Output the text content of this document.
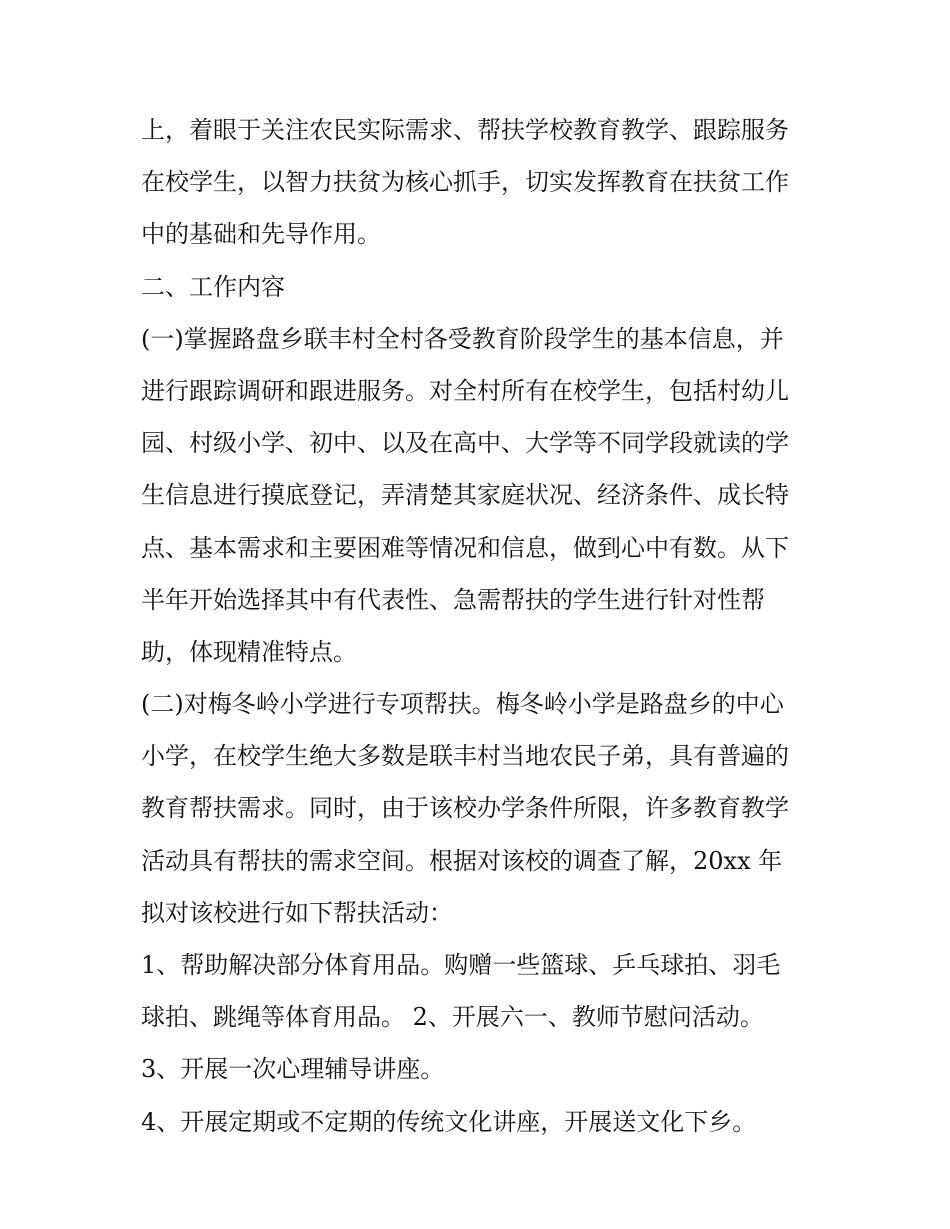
上，着眼于关注农民实际需求、帮扶学校教育教学、跟踪服务
在校学生，以智力扶贫为核心抓手，切实发挥教育在扶贫工作
中的基础和先导作用。
二、工作内容
(一)掌握路盘乡联丰村全村各受教育阶段学生的基本信息，并
进行跟踪调研和跟进服务。对全村所有在校学生，包括村幼儿
园、村级小学、初中、以及在高中、大学等不同学段就读的学
生信息进行摸底登记，弄清楚其家庭状况、经济条件、成长特
点、基本需求和主要困难等情况和信息，做到心中有数。从下
半年开始选择其中有代表性、急需帮扶的学生进行针对性帮
助，体现精准特点。
(二)对梅冬岭小学进行专项帮扶。梅冬岭小学是路盘乡的中心
小学，在校学生绝大多数是联丰村当地农民子弟，具有普遍的
教育帮扶需求。同时，由于该校办学条件所限，许多教育教学
活动具有帮扶的需求空间。根据对该校的调查了解，20xx 年
拟对该校进行如下帮扶活动：
1、帮助解决部分体育用品。购赠一些篮球、乒乓球拍、羽毛
球拍、跳绳等体育用品。 2、开展六一、教师节慰问活动。
3、开展一次心理辅导讲座。
4、开展定期或不定期的传统文化讲座，开展送文化下乡。
